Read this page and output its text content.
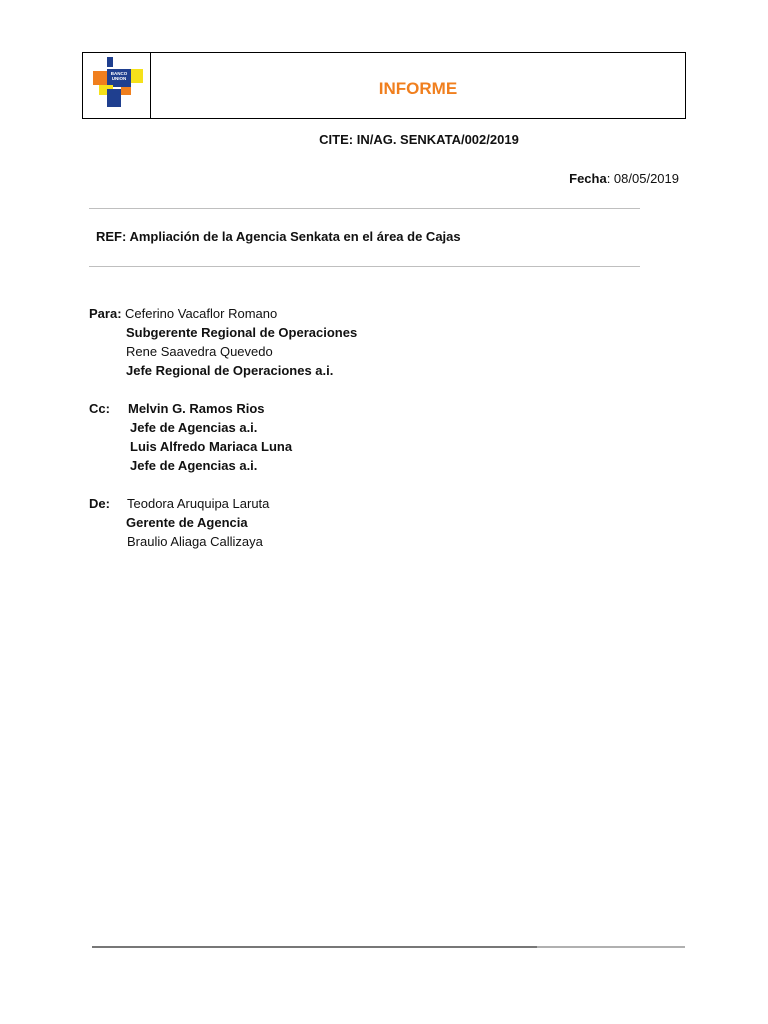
BANCO UNION
INFORME
CITE: IN/AG. SENKATA/002/2019
Fecha: 08/05/2019
REF: Ampliación de la Agencia Senkata en el área de Cajas
Para: Ceferino Vacaflor Romano
Subgerente Regional de Operaciones
Rene Saavedra Quevedo
Jefe Regional de Operaciones a.i.
Cc: Melvin G. Ramos Rios
Jefe de Agencias a.i.
Luis Alfredo Mariaca Luna
Jefe de Agencias a.i.
De: Teodora Aruquipa Laruta
Gerente de Agencia
Braulio Aliaga Callizaya
